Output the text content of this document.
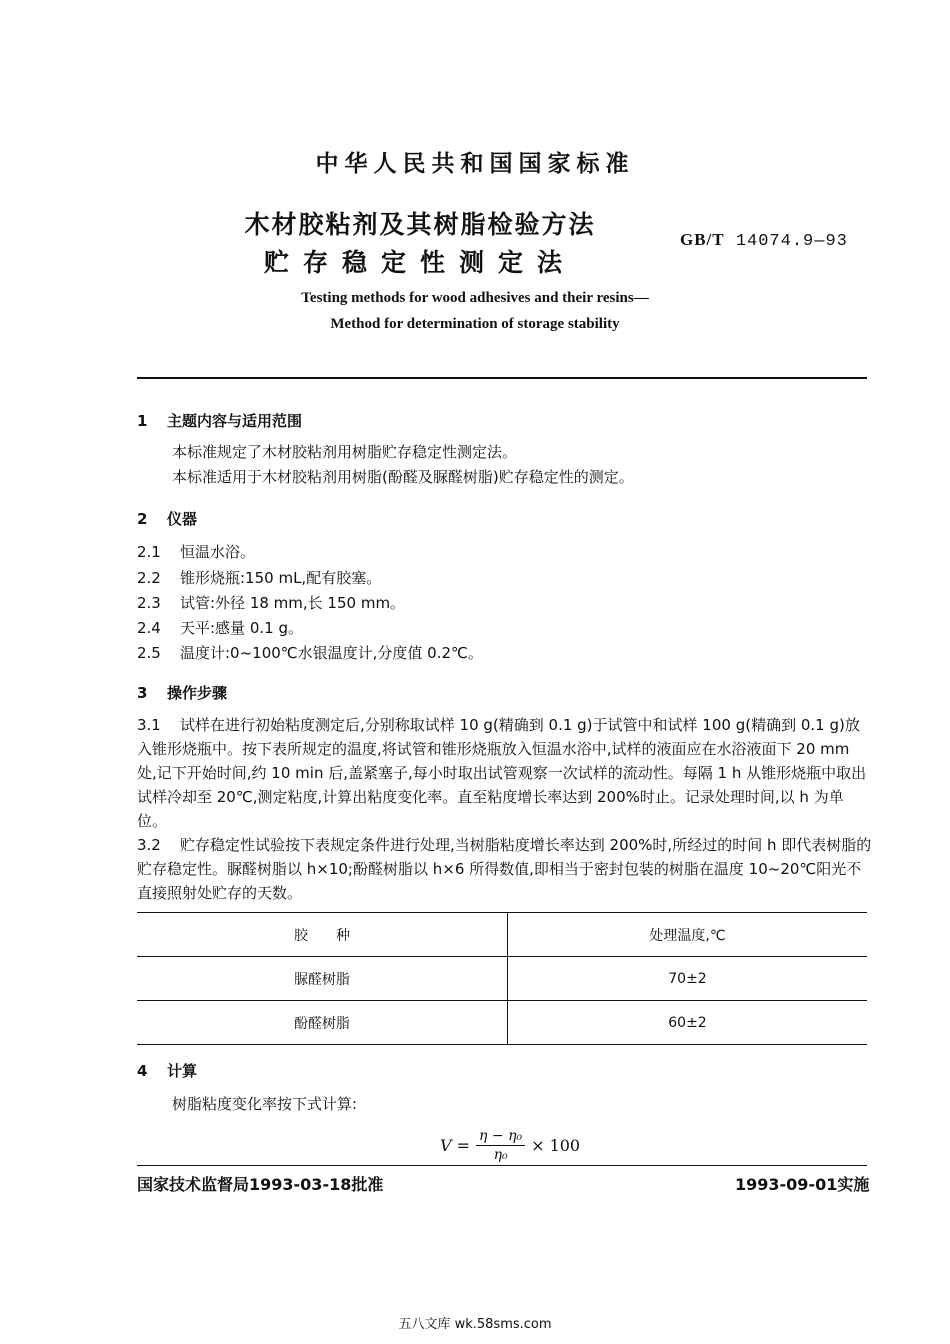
中华人民共和国国家标准
木材胶粘剂及其树脂检验方法
贮存稳定性测定法
GB/T 14074.9—93
Testing methods for wood adhesives and their resins—
Method for determination of storage stability
1 主题内容与适用范围
本标准规定了木材胶粘剂用树脂贮存稳定性测定法。
本标准适用于木材胶粘剂用树脂(酚醛及脲醛树脂)贮存稳定性的测定。
2 仪器
2.1 恒温水浴。
2.2 锥形烧瓶:150 mL,配有胶塞。
2.3 试管:外径 18 mm,长 150 mm。
2.4 天平:感量 0.1 g。
2.5 温度计:0~100℃水银温度计,分度值 0.2℃。
3 操作步骤
3.1 试样在进行初始粘度测定后,分别称取试样 10 g(精确到 0.1 g)于试管中和试样 100 g(精确到 0.1 g)放入锥形烧瓶中。按下表所规定的温度,将试管和锥形烧瓶放入恒温水浴中,试样的液面应在水浴液面下 20 mm 处,记下开始时间,约 10 min 后,盖紧塞子,每小时取出试管观察一次试样的流动性。每隔 1 h 从锥形烧瓶中取出试样冷却至 20℃,测定粘度,计算出粘度变化率。直至粘度增长率达到 200%时止。记录处理时间,以 h 为单位。
3.2 贮存稳定性试验按下表规定条件进行处理,当树脂粘度增长率达到 200%时,所经过的时间 h 即代表树脂的贮存稳定性。脲醛树脂以 h×10;酚醛树脂以 h×6 所得数值,即相当于密封包装的树脂在温度 10~20℃阳光不直接照射处贮存的天数。
胶　　种	处理温度,℃
脲醛树脂	70±2
酚醛树脂	60±2
4 计算
树脂粘度变化率按下式计算:
$V = \frac{\text{η − η₀}}{\text{η₀}} \times 100$
国家技术监督局1993-03-18批准	1993-09-01实施
五八文库 wk.58sms.com
